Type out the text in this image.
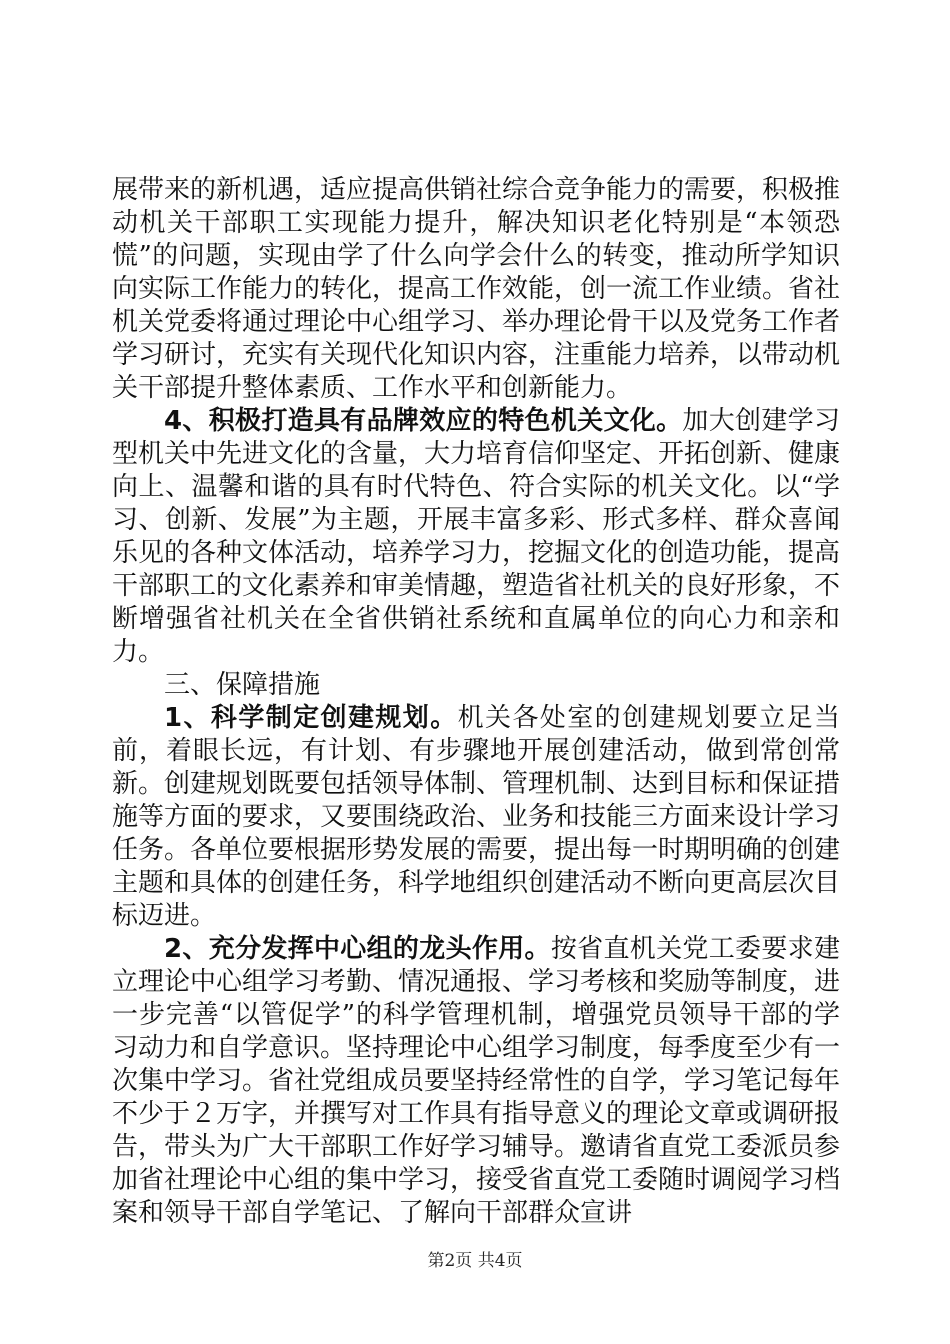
展带来的新机遇，适应提高供销社综合竞争能力的需要，积极推动机关干部职工实现能力提升，解决知识老化特别是“本领恐慌”的问题，实现由学了什么向学会什么的转变，推动所学知识向实际工作能力的转化，提高工作效能，创一流工作业绩。省社机关党委将通过理论中心组学习、举办理论骨干以及党务工作者学习研讨，充实有关现代化知识内容，注重能力培养，以带动机关干部提升整体素质、工作水平和创新能力。

4、积极打造具有品牌效应的特色机关文化。加大创建学习型机关中先进文化的含量，大力培育信仰坚定、开拓创新、健康向上、温馨和谐的具有时代特色、符合实际的机关文化。以“学习、创新、发展”为主题，开展丰富多彩、形式多样、群众喜闻乐见的各种文体活动，培养学习力，挖掘文化的创造功能，提高干部职工的文化素养和审美情趣，塑造省社机关的良好形象，不断增强省社机关在全省供销社系统和直属单位的向心力和亲和力。

三、保障措施

1、科学制定创建规划。机关各处室的创建规划要立足当前，着眼长远，有计划、有步骤地开展创建活动，做到常创常新。创建规划既要包括领导体制、管理机制、达到目标和保证措施等方面的要求，又要围绕政治、业务和技能三方面来设计学习任务。各单位要根据形势发展的需要，提出每一时期明确的创建主题和具体的创建任务，科学地组织创建活动不断向更高层次目标迈进。

2、充分发挥中心组的龙头作用。按省直机关党工委要求建立理论中心组学习考勤、情况通报、学习考核和奖励等制度，进一步完善“以管促学”的科学管理机制，增强党员领导干部的学习动力和自学意识。坚持理论中心组学习制度，每季度至少有一次集中学习。省社党组成员要坚持经常性的自学，学习笔记每年不少于２万字，并撰写对工作具有指导意义的理论文章或调研报告，带头为广大干部职工作好学习辅导。邀请省直党工委派员参加省社理论中心组的集中学习，接受省直党工委随时调阅学习档案和领导干部自学笔记、了解向干部群众宣讲

第2页 共4页
